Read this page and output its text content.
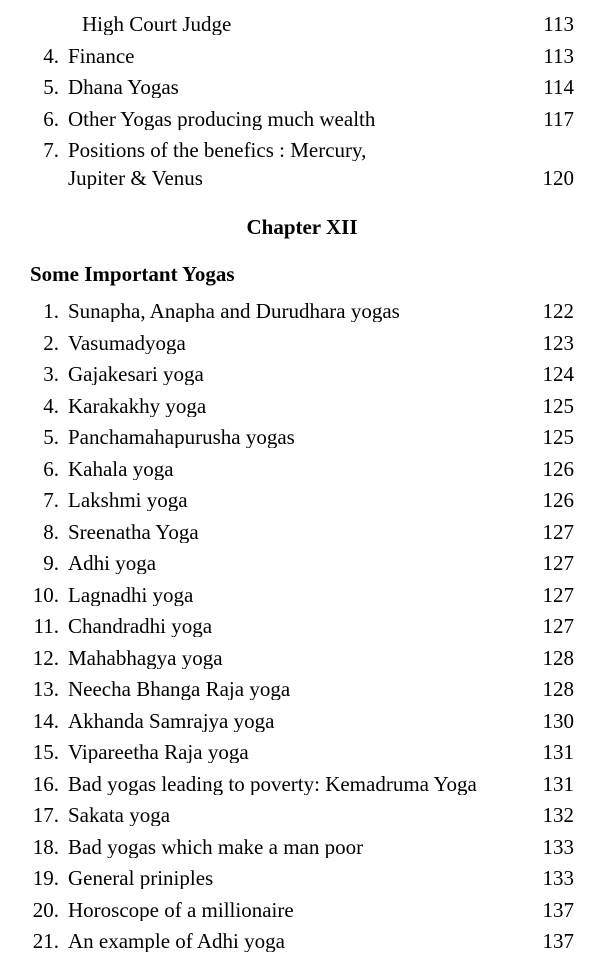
High Court Judge	113
4. Finance	113
5. Dhana Yogas	114
6. Other Yogas producing much wealth	117
7. Positions of the benefics : Mercury,

Jupiter & Venus	120
Chapter XII
Some Important Yogas
1. Sunapha, Anapha and Durudhara yogas	122
2. Vasumadyoga	123
3. Gajakesari yoga	124
4. Karakakhy yoga	125
5. Panchamahapurusha yogas	125
6. Kahala yoga	126
7. Lakshmi yoga	126
8. Sreenatha Yoga	127
9. Adhi yoga	127
10. Lagnadhi yoga	127
11. Chandradhi yoga	127
12. Mahabhagya yoga	128
13. Neecha Bhanga Raja yoga	128
14. Akhanda Samrajya yoga	130
15. Vipareetha Raja yoga	131
16. Bad yogas leading to poverty: Kemadruma Yoga	131
17. Sakata yoga	132
18. Bad yogas which make a man poor	133
19. General priniples	133
20. Horoscope of a millionaire	137
21. An example of Adhi yoga	137
